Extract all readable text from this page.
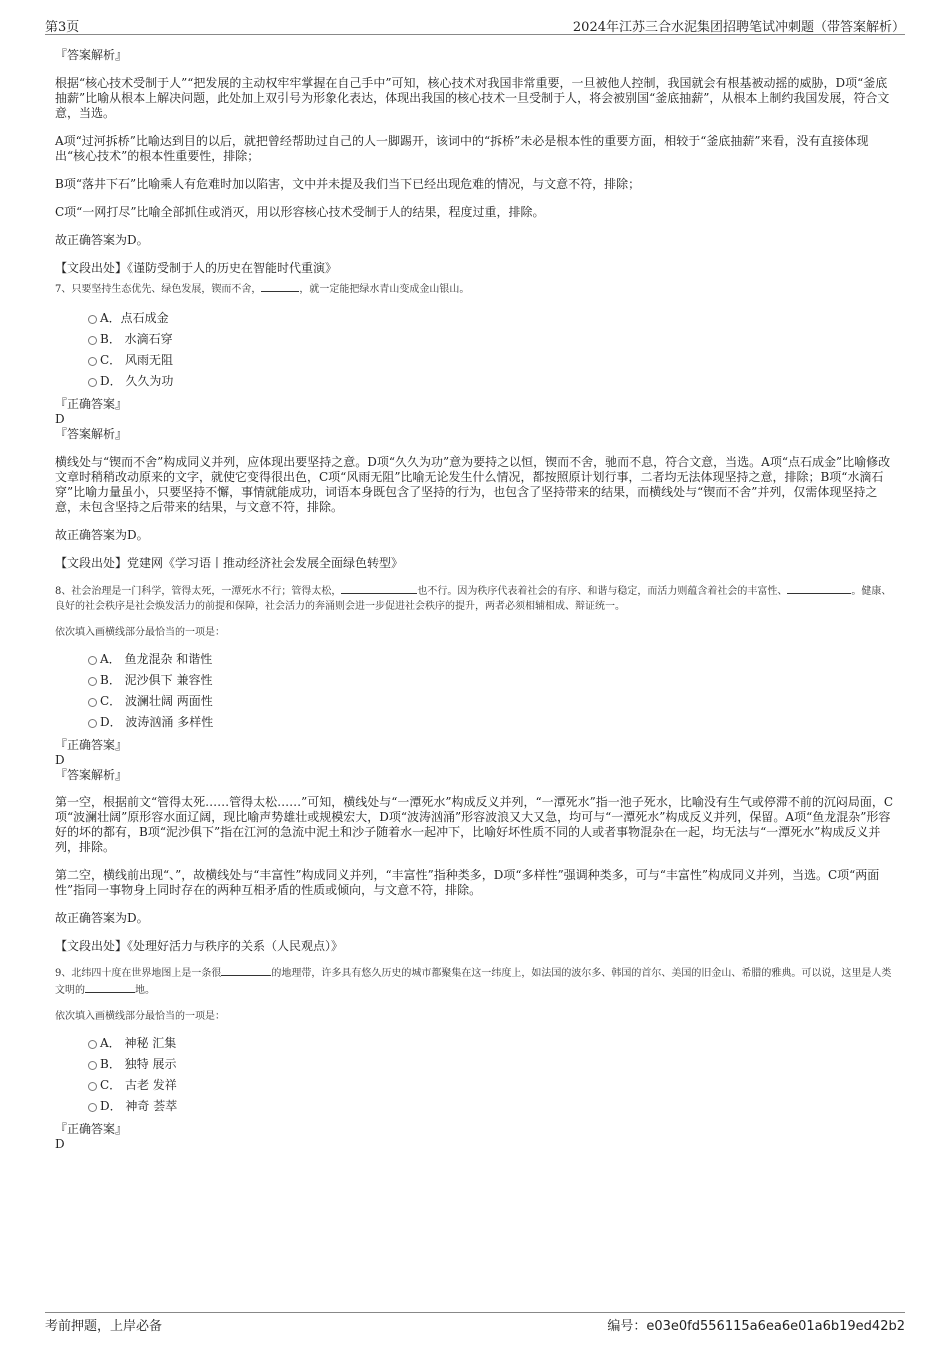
第3页	2024年江苏三合水泥集团招聘笔试冲刺题（带答案解析）

『答案解析』

根据“核心技术受制于人”“把发展的主动权牢牢掌握在自己手中”可知，核心技术对我国非常重要，一旦被他人控制，我国就会有根基被动摇的威胁，D项“釜底抽薪”比喻从根本上解决问题，此处加上双引号为形象化表达，体现出我国的核心技术一旦受制于人，将会被别国“釜底抽薪”，从根本上制约我国发展，符合文意，当选。

A项“过河拆桥”比喻达到目的以后，就把曾经帮助过自己的人一脚踢开，该词中的“拆桥”未必是根本性的重要方面，相较于“釜底抽薪”来看，没有直接体现出“核心技术”的根本性重要性，排除；

B项“落井下石”比喻乘人有危难时加以陷害，文中并未提及我们当下已经出现危难的情况，与文意不符，排除；

C项“一网打尽”比喻全部抓住或消灭，用以形容核心技术受制于人的结果，程度过重，排除。

故正确答案为D。

【文段出处】《谨防受制于人的历史在智能时代重演》

7、只要坚持生态优先、绿色发展，锲而不舍，	，就一定能把绿水青山变成金山银山。

A．点石成金
B． 水滴石穿
C． 风雨无阻
D． 久久为功

『正确答案』

D

『答案解析』

横线处与“锲而不舍”构成同义并列，应体现出要坚持之意。D项“久久为功”意为要持之以恒，锲而不舍，驰而不息，符合文意，当选。A项“点石成金”比喻修改文章时稍稍改动原来的文字，就使它变得很出色，C项“风雨无阻”比喻无论发生什么情况，都按照原计划行事，二者均无法体现坚持之意，排除；B项“水滴石穿”比喻力量虽小，只要坚持不懈，事情就能成功，词语本身既包含了坚持的行为，也包含了坚持带来的结果，而横线处与“锲而不舍”并列，仅需体现坚持之意，未包含坚持之后带来的结果，与文意不符，排除。

故正确答案为D。

【文段出处】党建网《学习语丨推动经济社会发展全面绿色转型》

8、社会治理是一门科学，管得太死，一潭死水不行；管得太松，	也不行。因为秩序代表着社会的有序、和谐与稳定，而活力则蕴含着社会的丰富性、	。健康、良好的社会秩序是社会焕发活力的前提和保障，社会活力的奔涌则会进一步促进社会秩序的提升，两者必须相辅相成、辩证统一。

依次填入画横线部分最恰当的一项是：

A． 鱼龙混杂 和谐性
B． 泥沙俱下 兼容性
C． 波澜壮阔 两面性
D． 波涛汹涌 多样性

『正确答案』

D

『答案解析』

第一空，根据前文“管得太死……管得太松……”可知，横线处与“一潭死水”构成反义并列，“一潭死水”指一池子死水，比喻没有生气或停滞不前的沉闷局面，C项“波澜壮阔”原形容水面辽阔，现比喻声势雄壮或规模宏大，D项“波涛汹涌”形容波浪又大又急，均可与“一潭死水”构成反义并列，保留。A项“鱼龙混杂”形容好的坏的都有，B项“泥沙俱下”指在江河的急流中泥土和沙子随着水一起冲下，比喻好坏性质不同的人或者事物混杂在一起，均无法与“一潭死水”构成反义并列，排除。

第二空，横线前出现“、”，故横线处与“丰富性”构成同义并列，“丰富性”指种类多，D项“多样性”强调种类多，可与“丰富性”构成同义并列，当选。C项“两面性”指同一事物身上同时存在的两种互相矛盾的性质或倾向，与文意不符，排除。

故正确答案为D。

【文段出处】《处理好活力与秩序的关系（人民观点）》

9、北纬四十度在世界地图上是一条很	的地理带，许多具有悠久历史的城市都聚集在这一纬度上，如法国的波尔多、韩国的首尔、美国的旧金山、希腊的雅典。可以说，这里是人类文明的	地。

依次填入画横线部分最恰当的一项是：

A． 神秘 汇集
B． 独特 展示
C． 古老 发祥
D． 神奇 荟萃

『正确答案』

D

考前押题，上岸必备	编号：e03e0fd556115a6ea6e01a6b19ed42b2
